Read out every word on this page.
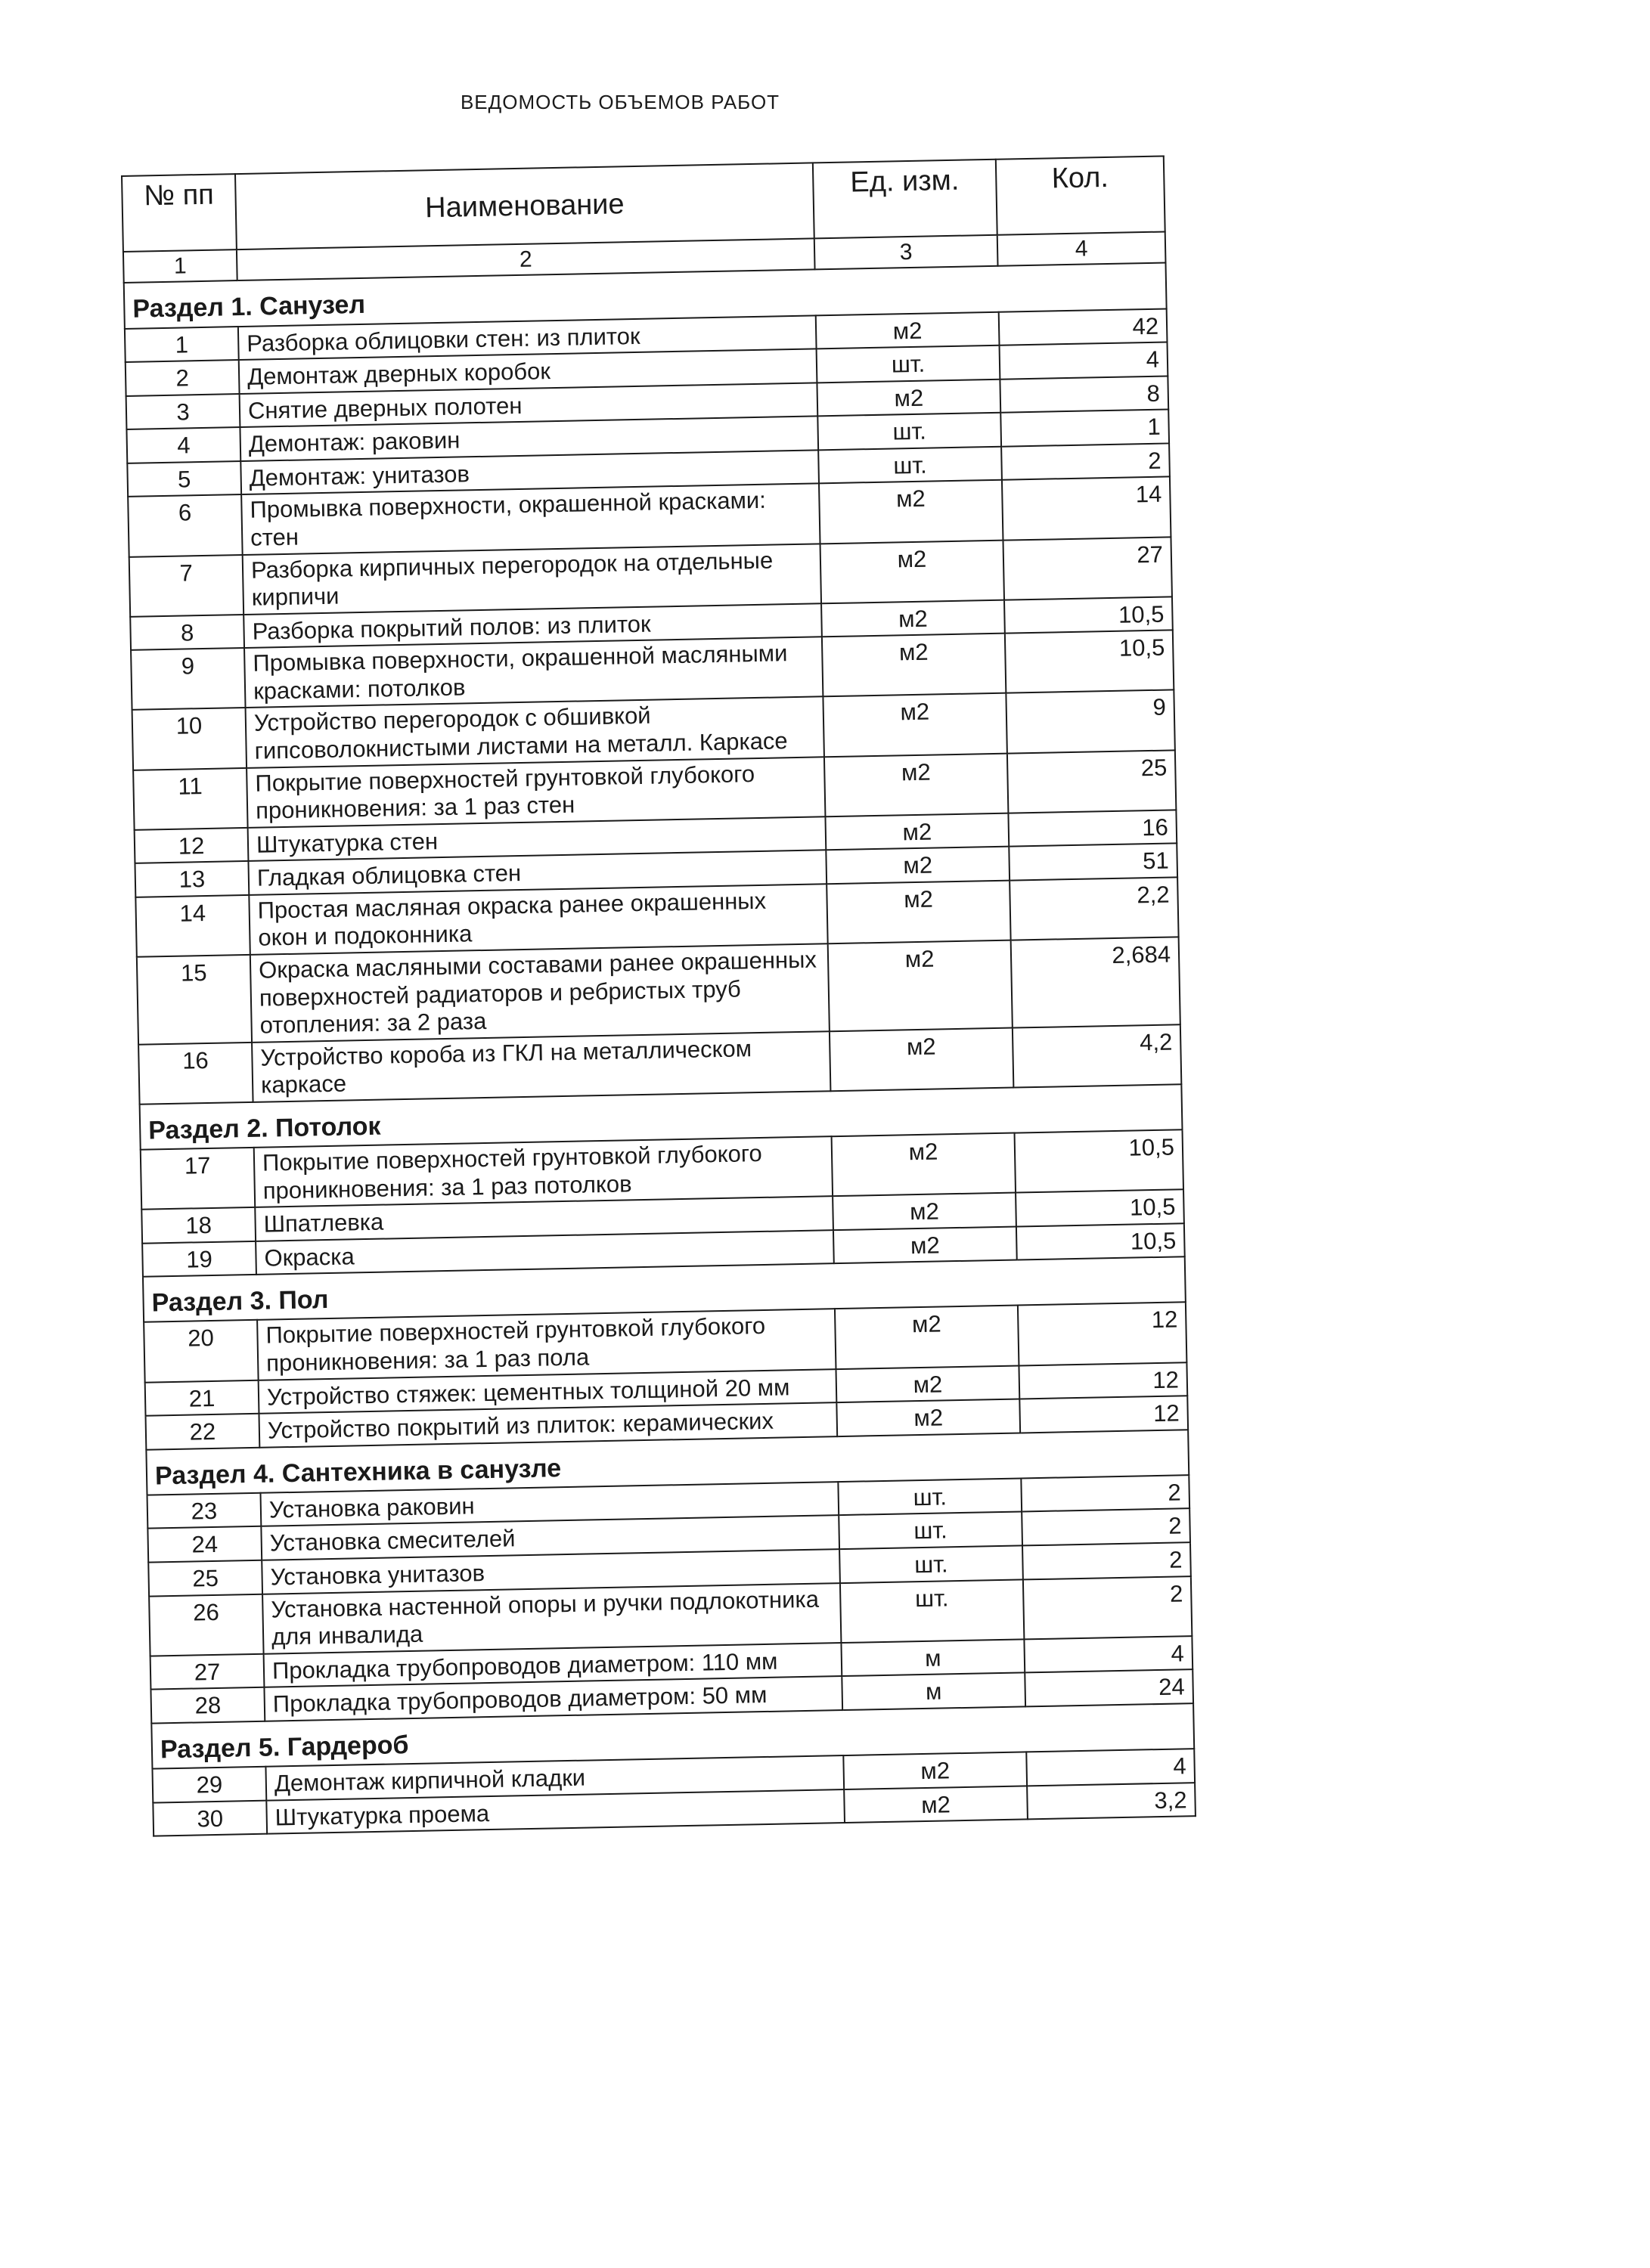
ВЕДОМОСТЬ ОБЪЕМОВ РАБОТ
№ пп	Наименование	Ед. изм.	Кол.
1	2	3	4
Раздел 1. Санузел			
1	Разборка облицовки стен: из плиток	м2	42
2	Демонтаж дверных коробок	шт.	4
3	Снятие дверных полотен	м2	8
4	Демонтаж: раковин	шт.	1
5	Демонтаж: унитазов	шт.	2
6	Промывка поверхности, окрашенной красками: стен	м2	14
7	Разборка кирпичных перегородок на отдельные кирпичи	м2	27
8	Разборка покрытий полов: из плиток	м2	10,5
9	Промывка поверхности, окрашенной масляными красками: потолков	м2	10,5
10	Устройство перегородок с обшивкой гипсоволокнистыми листами на металл. Каркасе	м2	9
11	Покрытие поверхностей грунтовкой глубокого проникновения: за 1 раз стен	м2	25
12	Штукатурка стен	м2	16
13	Гладкая облицовка стен	м2	51
14	Простая масляная окраска ранее окрашенных окон и подоконника	м2	2,2
15	Окраска масляными составами ранее окрашенных поверхностей радиаторов и ребристых труб отопления: за 2 раза	м2	2,684
16	Устройство короба из ГКЛ на металлическом каркасе	м2	4,2
Раздел 2. Потолок			
17	Покрытие поверхностей грунтовкой глубокого проникновения: за 1 раз потолков	м2	10,5
18	Шпатлевка	м2	10,5
19	Окраска	м2	10,5
Раздел 3. Пол			
20	Покрытие поверхностей грунтовкой глубокого проникновения: за 1 раз пола	м2	12
21	Устройство стяжек: цементных толщиной 20 мм	м2	12
22	Устройство покрытий из плиток: керамических	м2	12
Раздел 4. Сантехника в санузле			
23	Установка раковин	шт.	2
24	Установка смесителей	шт.	2
25	Установка унитазов	шт.	2
26	Установка настенной опоры и ручки подлокотника для инвалида	шт.	2
27	Прокладка трубопроводов диаметром: 110 мм	м	4
28	Прокладка трубопроводов диаметром: 50 мм	м	24
Раздел 5. Гардероб			
29	Демонтаж кирпичной кладки	м2	4
30	Штукатурка проема	м2	3,2
